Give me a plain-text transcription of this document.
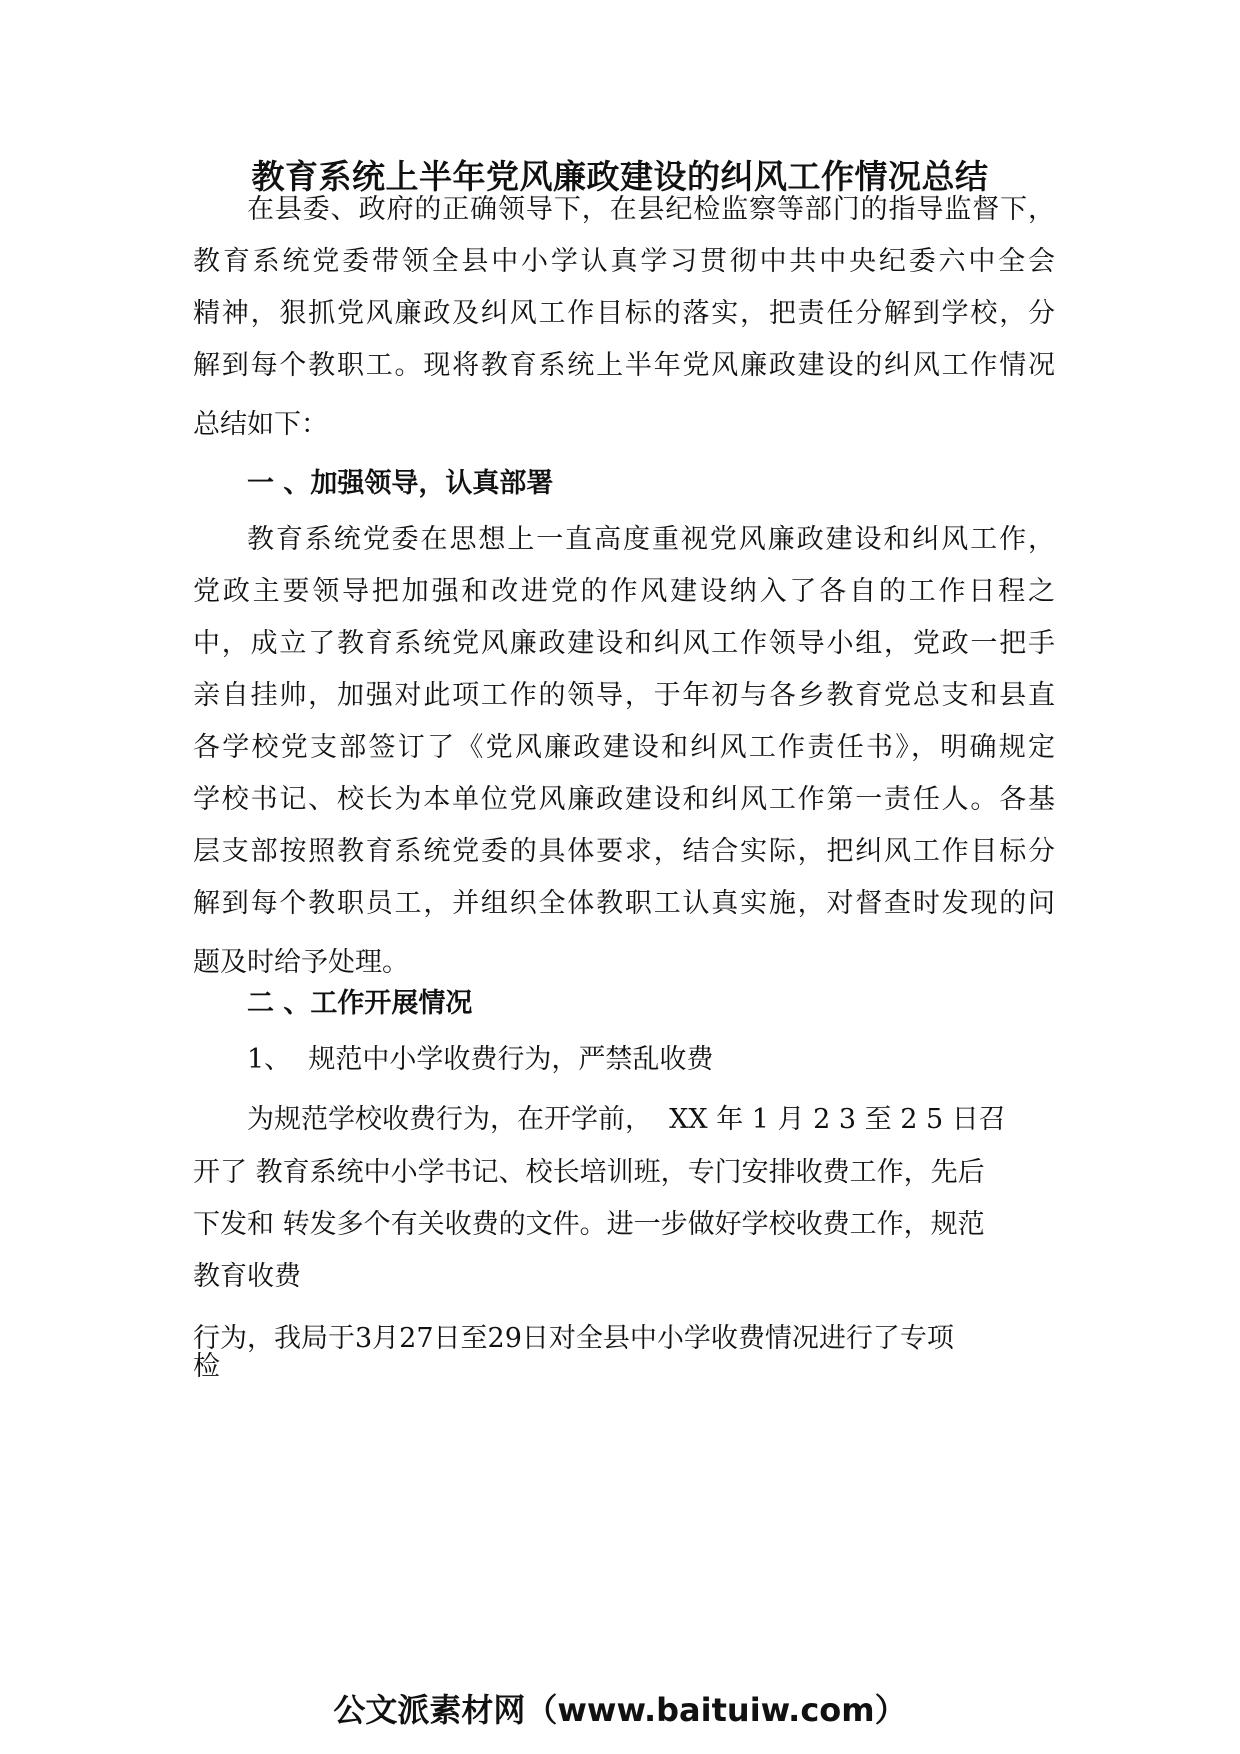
教育系统上半年党风廉政建设的纠风工作情况总结
在县委、政府的正确领导下，在县纪检监察等部门的指导监督下，
教育系统党委带领全县中小学认真学习贯彻中共中央纪委六中全会
精神，狠抓党风廉政及纠风工作目标的落实，把责任分解到学校，分
解到每个教职工。现将教育系统上半年党风廉政建设的纠风工作情况
总结如下：
一 、加强领导，认真部署
教育系统党委在思想上一直高度重视党风廉政建设和纠风工作，
党政主要领导把加强和改进党的作风建设纳入了各自的工作日程之
中，成立了教育系统党风廉政建设和纠风工作领导小组，党政一把手
亲自挂帅，加强对此项工作的领导，于年初与各乡教育党总支和县直
各学校党支部签订了《党风廉政建设和纠风工作责任书》，明确规定
学校书记、校长为本单位党风廉政建设和纠风工作第一责任人。各基
层支部按照教育系统党委的具体要求，结合实际，把纠风工作目标分
解到每个教职员工，并组织全体教职工认真实施，对督查时发现的问
题及时给予处理。
二 、工作开展情况
1、  规范中小学收费行为，严禁乱收费
为规范学校收费行为，在开学前，  XX 年 1 月 2 3 至 2 5 日召
开了 教育系统中小学书记、校长培训班，专门安排收费工作，先后
下发和 转发多个有关收费的文件。进一步做好学校收费工作，规范
教育收费
行为，我局于3月27日至29日对全县中小学收费情况进行了专项
检
公文派素材网（www.baituiw.com）
